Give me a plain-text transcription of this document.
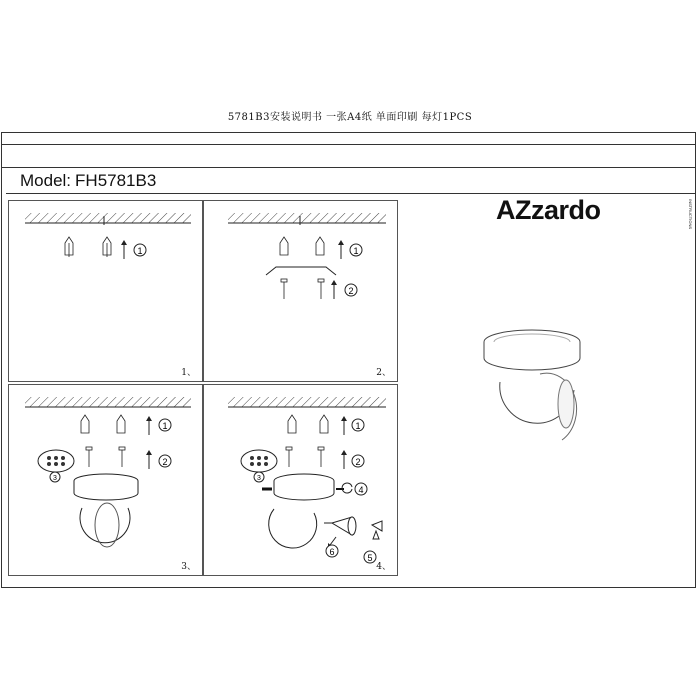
5781B3安装说明书 一张A4纸 单面印刷 每灯1PCS
Model: FH5781B3
AZzardo	INSTRUCTIONS
1
1、
1
2
2、
1
2
3
3、
1
2
3
4
5
6
4、
